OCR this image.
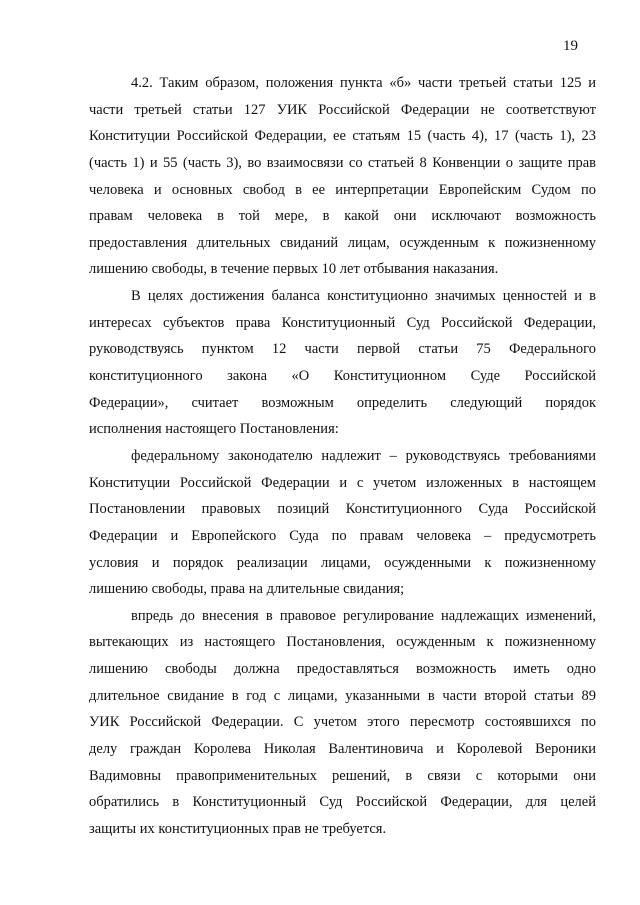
19
4.2. Таким образом, положения пункта «б» части третьей статьи 125 и
части третьей статьи 127 УИК Российской Федерации не соответствуют
Конституции Российской Федерации, ее статьям 15 (часть 4), 17 (часть 1), 23
(часть 1) и 55 (часть 3), во взаимосвязи со статьей 8 Конвенции о защите прав
человека и основных свобод в ее интерпретации Европейским Судом по
правам человека в той мере, в какой они исключают возможность
предоставления длительных свиданий лицам, осужденным к пожизненному
лишению свободы, в течение первых 10 лет отбывания наказания.
В целях достижения баланса конституционно значимых ценностей и в
интересах субъектов права Конституционный Суд Российской Федерации,
руководствуясь пунктом 12 части первой статьи 75 Федерального
конституционного закона «О Конституционном Суде Российской
Федерации», считает возможным определить следующий порядок
исполнения настоящего Постановления:
федеральному законодателю надлежит – руководствуясь требованиями
Конституции Российской Федерации и с учетом изложенных в настоящем
Постановлении правовых позиций Конституционного Суда Российской
Федерации и Европейского Суда по правам человека – предусмотреть
условия и порядок реализации лицами, осужденными к пожизненному
лишению свободы, права на длительные свидания;
впредь до внесения в правовое регулирование надлежащих изменений,
вытекающих из настоящего Постановления, осужденным к пожизненному
лишению свободы должна предоставляться возможность иметь одно
длительное свидание в год с лицами, указанными в части второй статьи 89
УИК Российской Федерации. С учетом этого пересмотр состоявшихся по
делу граждан Королева Николая Валентиновича и Королевой Вероники
Вадимовны правоприменительных решений, в связи с которыми они
обратились в Конституционный Суд Российской Федерации, для целей
защиты их конституционных прав не требуется.
